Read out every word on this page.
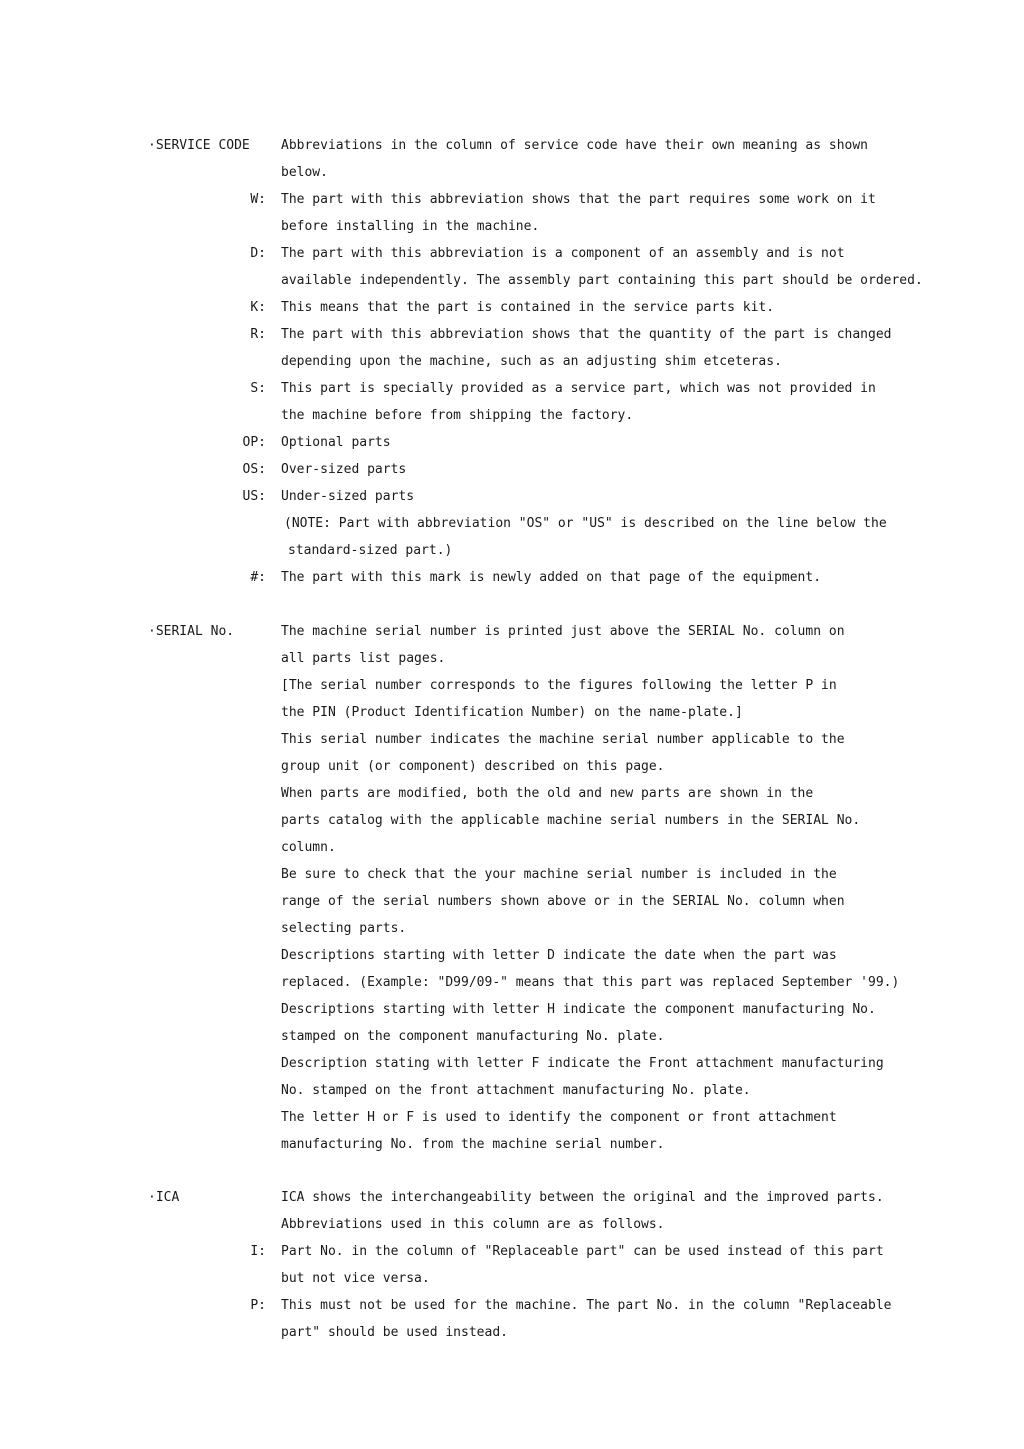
·SERVICE CODE Abbreviations in the column of service code have their own meaning as shown
below.
W: The part with this abbreviation shows that the part requires some work on it
before installing in the machine.
D: The part with this abbreviation is a component of an assembly and is not
available independently. The assembly part containing this part should be ordered.
K: This means that the part is contained in the service parts kit.
R: The part with this abbreviation shows that the quantity of the part is changed
depending upon the machine, such as an adjusting shim etceteras.
S: This part is specially provided as a service part, which was not provided in
the machine before from shipping the factory.
OP: Optional parts
OS: Over-sized parts
US: Under-sized parts
(NOTE: Part with abbreviation "OS" or "US" is described on the line below the
standard-sized part.)
#: The part with this mark is newly added on that page of the equipment.
·SERIAL No.	The machine serial number is printed just above the SERIAL No. column on
all parts list pages.
[The serial number corresponds to the figures following the letter P in
the PIN (Product Identification Number) on the name-plate.]
This serial number indicates the machine serial number applicable to the
group unit (or component) described on this page.
When parts are modified, both the old and new parts are shown in the
parts catalog with the applicable machine serial numbers in the SERIAL No.
column.
Be sure to check that the your machine serial number is included in the
range of the serial numbers shown above or in the SERIAL No. column when
selecting parts.
Descriptions starting with letter D indicate the date when the part was
replaced. (Example: "D99/09-" means that this part was replaced September '99.)
Descriptions starting with letter H indicate the component manufacturing No.
stamped on the component manufacturing No. plate.
Description stating with letter F indicate the Front attachment manufacturing
No. stamped on the front attachment manufacturing No. plate.
The letter H or F is used to identify the component or front attachment
manufacturing No. from the machine serial number.
·ICA	ICA shows the interchangeability between the original and the improved parts.
Abbreviations used in this column are as follows.
I: Part No. in the column of "Replaceable part" can be used instead of this part
but not vice versa.
P: This must not be used for the machine. The part No. in the column "Replaceable
part" should be used instead.
